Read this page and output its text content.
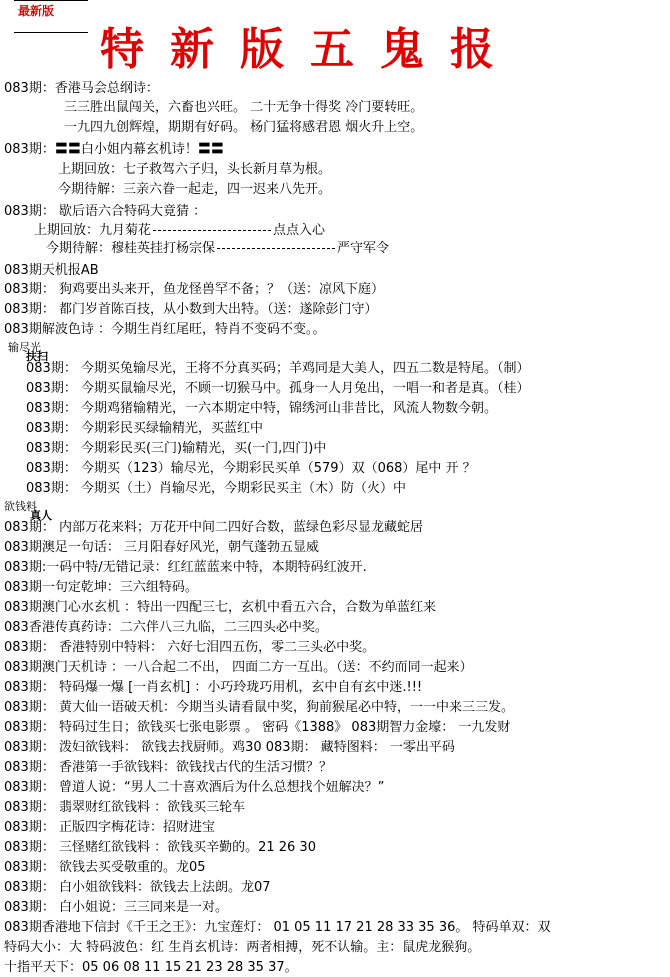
最新版
特新版五鬼报
083期：香港马会总纲诗：
三三胜出鼠闯关，六畜也兴旺。 二十无争十得奖 冷门要转旺。
一九四九创辉煌，期期有好码。 杨门猛将感君恩 烟火升上空。
083期：〓〓白小姐内幕玄机诗！〓〓
上期回放：七子救驾六子归，头长新月草为根。
今期待解：三亲六眷一起走，四一迟来八先开。
083期： 歇后语六合特码大竟猜 ：
上期回放：九月菊花	点点入心
今期待解：穆桂英挂打杨宗保	严守军令
083期天机报AB
083期： 狗鸡要出头来开，鱼龙怪兽罕不备；？（送：凉风下庭）
083期： 都门岁首陈百技，从小数到大出特。（送：遂除彭门守）
083期解波色诗 ：今期生肖红尾旺，特肖不变码不变。。
输尽光
扶扫
083期： 今期买兔输尽光，王将不分真买码；羊鸡同是大美人，四五二数是特尾。（制）
083期： 今期买鼠输尽光，不顾一切猴马中。孤身一人月兔出，一唱一和者是真。（桂）
083期： 今期鸡猪输精光，一六本期定中特，锦绣河山非昔比，风流人物数今朝。
083期： 今期彩民买绿输精光，买蓝红中
083期： 今期彩民买(三门)输精光，买(一门,四门)中
083期： 今期买（123）输尽光，今期彩民买单（579）双（068）尾中 开 ？
083期： 今期买（土）肖输尽光，今期彩民买主（木）防（火）中
欲钱料
真人
083期： 内部万花来料；万花开中间二四好合数，蓝绿色彩尽显龙藏蛇居
083期澳足一句话： 三月阳春好风光，朝气蓬勃五显威
083期:一码中特/无错记录：红红蓝蓝来中特，本期特码红波开.
083期一句定乾坤：三六组特码。
083期澳门心水玄机 ：特出一四配三七，玄机中看五六合，合数为单蓝红来
083香港传真药诗：二六伴八三九临，二三四头必中奖。
083期： 香港特别中特料： 六好七泪四五伤，零二三头必中奖。
083期澳门天机诗 ：一八合起二不出， 四面二方一互出。（送：不约而同一起来）
083期： 特码爆一爆 [一肖玄机] ：小巧玲珑巧用机，玄中自有玄中迷.!!!
083期： 黄大仙一语破天机：今期当头请看鼠中奖，狗前猴尾必中特，一一中来三三发。
083期： 特码过生日；欲钱买七张电影票 。 密码《1388》 083期智力金壕： 一九发财
083期： 泼妇欲钱料： 欲钱去找厨师。鸡30 083期： 藏特图料： 一零出平码
083期： 香港第一手欲钱料：欲钱找古代的生活习惯？？
083期： 曾道人说：“男人二十喜欢酒后为什么总想找个妞解决？”
083期： 翡翠财红欲钱料 ：欲钱买三轮车
083期： 正版四字梅花诗：招财进宝
083期： 三怪赌红欲钱料 ：欲钱买辛勤的。21 26 30
083期： 欲钱去买受敬重的。龙05
083期： 白小姐欲钱料：欲钱去上法朗。龙07
083期： 白小姐说：三三同来是一对。
083期香港地下信封《千王之王》：九宝莲灯： 01 05 11 17 21 28 33 35 36。 特码单双：双
特码大小：大 特码波色：红 生肖玄机诗：两者相搏，死不认输。主：鼠虎龙猴狗。
十指平天下：05 06 08 11 15 21 23 28 35 37。
